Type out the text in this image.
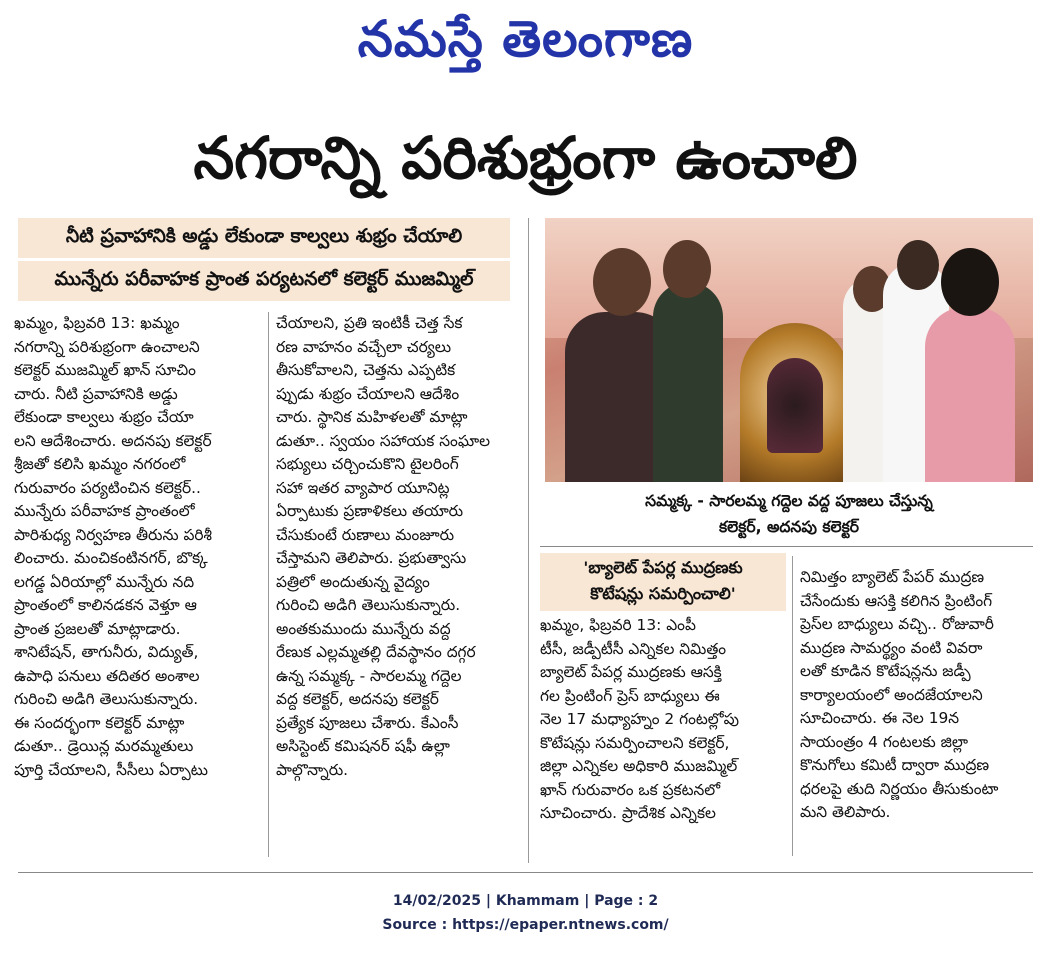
నమస్తే తెలంగాణ
నగరాన్ని పరిశుభ్రంగా ఉంచాలి
నీటి ప్రవాహానికి అడ్డు లేకుండా కాల్వలు శుభ్రం చేయాలి
మున్నేరు పరీవాహక ప్రాంత పర్యటనలో కలెక్టర్ ముజమ్మిల్

ఖమ్మం, ఫిబ్రవరి 13: ఖమ్మం

నగరాన్ని పరిశుభ్రంగా ఉంచాలని

కలెక్టర్ ముజమ్మిల్ ఖాన్ సూచిం

చారు. నీటి ప్రవాహానికి అడ్డు

లేకుండా కాల్వలు శుభ్రం చేయా

లని ఆదేశించారు. అదనపు కలెక్టర్

శ్రీజతో కలిసి ఖమ్మం నగరంలో

గురువారం పర్యటించిన కలెక్టర్..

మున్నేరు పరీవాహక ప్రాంతంలో

పారిశుధ్య నిర్వహణ తీరును పరిశీ

లించారు. మంచికంటినగర్, బొక్క

లగడ్డ ఏరియాల్లో మున్నేరు నది

ప్రాంతంలో కాలినడకన వెళ్తూ ఆ

ప్రాంత ప్రజలతో మాట్లాడారు.

శానిటేషన్, తాగునీరు, విద్యుత్,

ఉపాధి పనులు తదితర అంశాల

గురించి అడిగి తెలుసుకున్నారు.

ఈ సందర్భంగా కలెక్టర్ మాట్లా

డుతూ.. డ్రెయిన్ల మరమ్మతులు

పూర్తి చేయాలని, సీసీలు ఏర్పాటు

చేయాలని, ప్రతి ఇంటికీ చెత్త సేక

రణ వాహనం వచ్చేలా చర్యలు

తీసుకోవాలని, చెత్తను ఎప్పటిక

ప్పుడు శుభ్రం చేయాలని ఆదేశిం

చారు. స్థానిక మహిళలతో మాట్లా

డుతూ.. స్వయం సహాయక సంఘాల

సభ్యులు చర్చించుకొని టైలరింగ్

సహా ఇతర వ్యాపార యూనిట్ల

ఏర్పాటుకు ప్రణాళికలు తయారు

చేసుకుంటే రుణాలు మంజూరు

చేస్తామని తెలిపారు. ప్రభుత్వాసు

పత్రిలో అందుతున్న వైద్యం

గురించి అడిగి తెలుసుకున్నారు.

అంతకుముందు మున్నేరు వద్ద

రేణుక ఎల్లమ్మతల్లి దేవస్థానం దగ్గర

ఉన్న సమ్మక్క - సారలమ్మ గద్దెల

వద్ద కలెక్టర్, అదనపు కలెక్టర్

ప్రత్యేక పూజలు చేశారు. కేఎంసీ

అసిస్టెంట్ కమిషనర్ షఫీ ఉల్లా

పాల్గొన్నారు.

సమ్మక్క - సారలమ్మ గద్దెల వద్ద పూజలు చేస్తున్న
కలెక్టర్, అదనపు కలెక్టర్
'బ్యాలెట్ పేపర్ల ముద్రణకు
కొటేషన్లు సమర్పించాలి'

ఖమ్మం, ఫిబ్రవరి 13: ఎంపీ

టీసీ, జడ్పీటీసీ ఎన్నికల నిమిత్తం

బ్యాలెట్ పేపర్ల ముద్రణకు ఆసక్తి

గల ప్రింటింగ్ ప్రెస్ బాధ్యులు ఈ

నెల 17 మధ్యాహ్నం 2 గంటల్లోపు

కొటేషన్లు సమర్పించాలని కలెక్టర్,

జిల్లా ఎన్నికల అధికారి ముజమ్మిల్

ఖాన్ గురువారం ఒక ప్రకటనలో

సూచించారు. ప్రాదేశిక ఎన్నికల

నిమిత్తం బ్యాలెట్ పేపర్ ముద్రణ

చేసేందుకు ఆసక్తి కలిగిన ప్రింటింగ్

ప్రెస్‌ల బాధ్యులు వచ్చి.. రోజువారీ

ముద్రణ సామర్థ్యం వంటి వివరా

లతో కూడిన కొటేషన్లను జడ్పీ

కార్యాలయంలో అందజేయాలని

సూచించారు. ఈ నెల 19న

సాయంత్రం 4 గంటలకు జిల్లా

కొనుగోలు కమిటీ ద్వారా ముద్రణ

ధరలపై తుది నిర్ణయం తీసుకుంటా

మని తెలిపారు.

14/02/2025 | Khammam | Page : 2
Source : https://epaper.ntnews.com/
